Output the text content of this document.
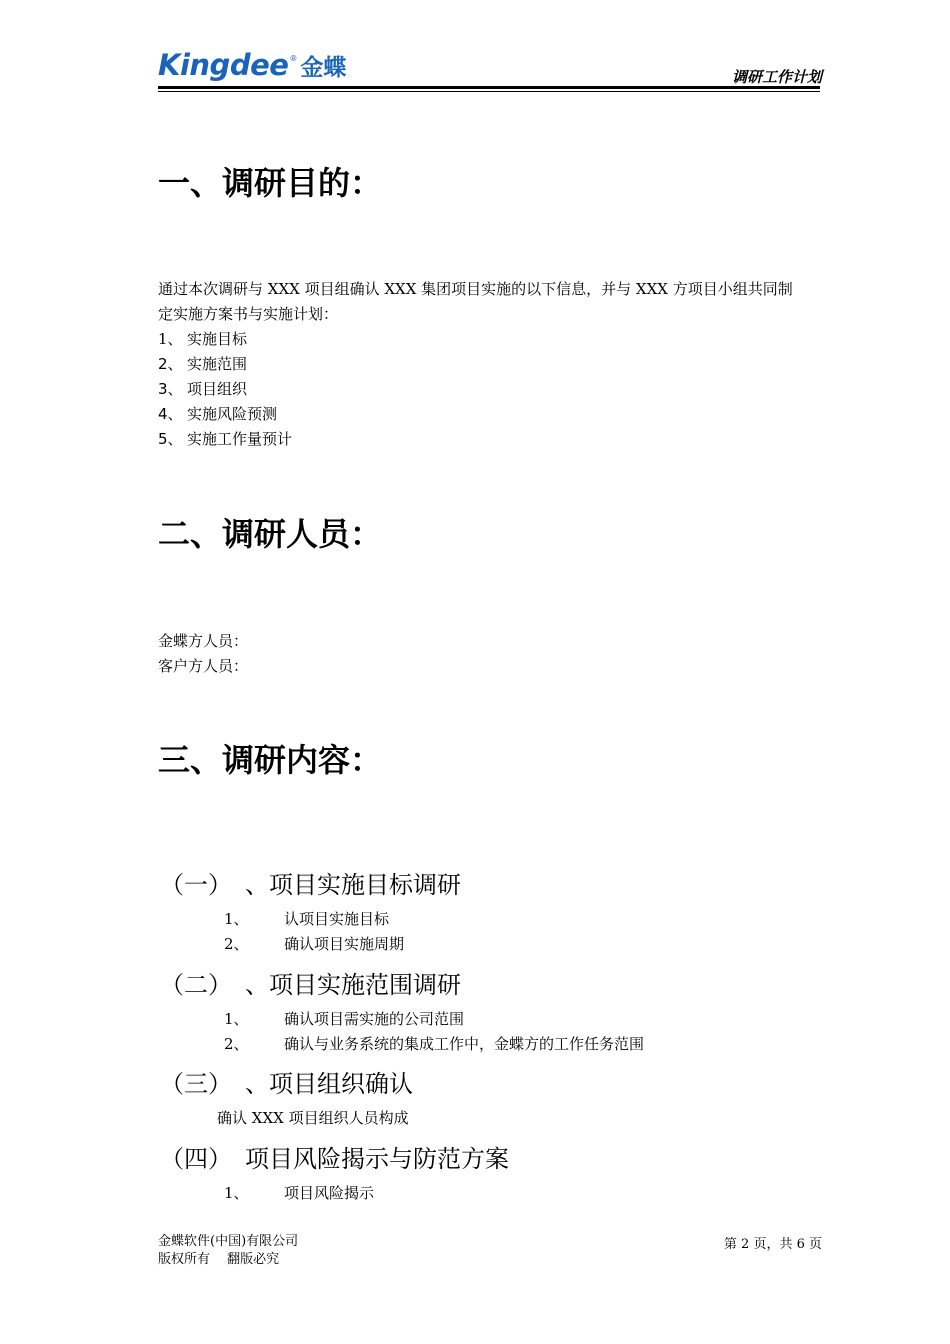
Kingdee ® 金蝶	调研工作计划
一、调研目的：
通过本次调研与 XXX 项目组确认 XXX 集团项目实施的以下信息，并与 XXX 方项目小组共同制
定实施方案书与实施计划：
1、 实施目标
2、 实施范围
3、 项目组织
4、 实施风险预测
5、 实施工作量预计
二、调研人员：
金蝶方人员：
客户方人员：
三、调研内容：
（一） 、项目实施目标调研
1、 认项目实施目标
2、 确认项目实施周期
（二） 、项目实施范围调研
1、 确认项目需实施的公司范围
2、 确认与业务系统的集成工作中，金蝶方的工作任务范围
（三） 、项目组织确认
确认 XXX 项目组织人员构成
（四） 项目风险揭示与防范方案
1、 项目风险揭示
金蝶软件(中国)有限公司
版权所有　 翻版必究
第 2 页，共 6 页
